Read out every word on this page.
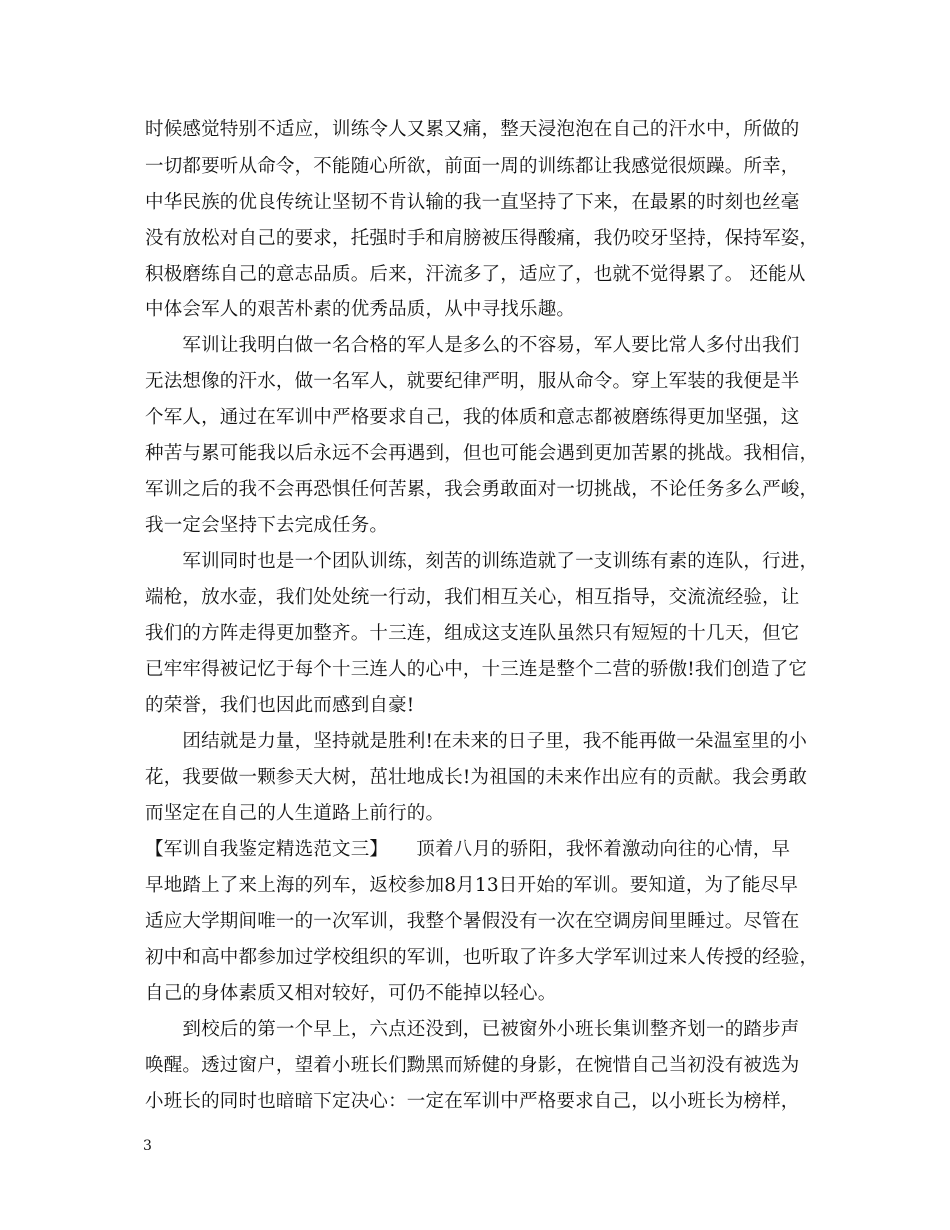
时候感觉特别不适应，训练令人又累又痛，整天浸泡泡在自己的汗水中，所做的
一切都要听从命令，不能随心所欲，前面一周的训练都让我感觉很烦躁。所幸，
中华民族的优良传统让坚韧不肯认输的我一直坚持了下来，在最累的时刻也丝毫
没有放松对自己的要求，托强时手和肩膀被压得酸痛，我仍咬牙坚持，保持军姿，
积极磨练自己的意志品质。后来，汗流多了，适应了，也就不觉得累了。 还能从
中体会军人的艰苦朴素的优秀品质，从中寻找乐趣。
　　军训让我明白做一名合格的军人是多么的不容易，军人要比常人多付出我们
无法想像的汗水，做一名军人，就要纪律严明，服从命令。穿上军装的我便是半
个军人，通过在军训中严格要求自己，我的体质和意志都被磨练得更加坚强，这
种苦与累可能我以后永远不会再遇到，但也可能会遇到更加苦累的挑战。我相信，
军训之后的我不会再恐惧任何苦累，我会勇敢面对一切挑战，不论任务多么严峻，
我一定会坚持下去完成任务。
　　军训同时也是一个团队训练，刻苦的训练造就了一支训练有素的连队，行进，
端枪，放水壶，我们处处统一行动，我们相互关心，相互指导，交流流经验，让
我们的方阵走得更加整齐。十三连，组成这支连队虽然只有短短的十几天，但它
已牢牢得被记忆于每个十三连人的心中，十三连是整个二营的骄傲!我们创造了它
的荣誉，我们也因此而感到自豪!
　　团结就是力量，坚持就是胜利!在未来的日子里，我不能再做一朵温室里的小
花，我要做一颗参天大树，茁壮地成长!为祖国的未来作出应有的贡献。我会勇敢
而坚定在自己的人生道路上前行的。
【军训自我鉴定精选范文三】　　顶着八月的骄阳，我怀着激动向往的心情，早
早地踏上了来上海的列车，返校参加8月13日开始的军训。要知道，为了能尽早
适应大学期间唯一的一次军训，我整个暑假没有一次在空调房间里睡过。尽管在
初中和高中都参加过学校组织的军训，也听取了许多大学军训过来人传授的经验，
自己的身体素质又相对较好，可仍不能掉以轻心。
　　到校后的第一个早上，六点还没到，已被窗外小班长集训整齐划一的踏步声
唤醒。透过窗户，望着小班长们黝黑而矫健的身影，在惋惜自己当初没有被选为
小班长的同时也暗暗下定决心：一定在军训中严格要求自己，以小班长为榜样，
3
